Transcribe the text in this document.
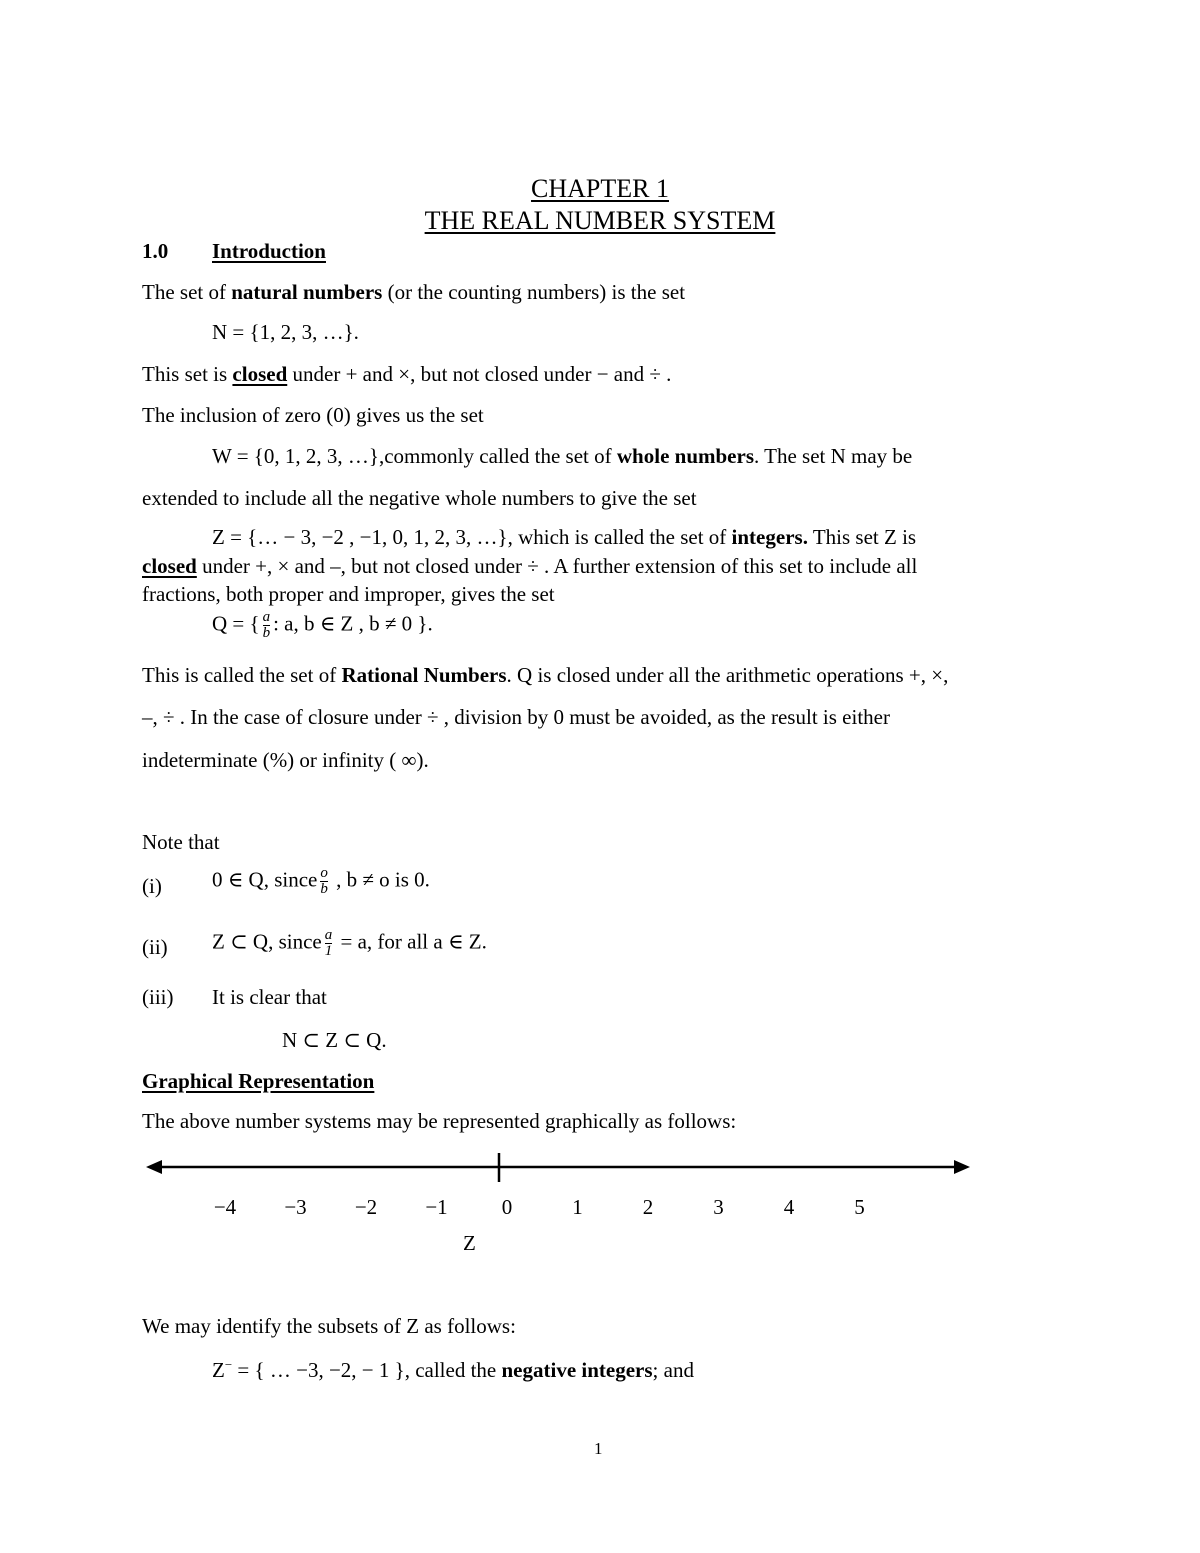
CHAPTER 1
THE REAL NUMBER SYSTEM
1.0 Introduction
The set of natural numbers (or the counting numbers) is the set
N = {1, 2, 3, …}.
This set is closed under + and ×, but not closed under − and ÷ .
The inclusion of zero (0) gives us the set
W = {0, 1, 2, 3, …},commonly called the set of whole numbers. The set N may be
extended to include all the negative whole numbers to give the set
Z = {… − 3, −2 , −1, 0, 1, 2, 3, …}, which is called the set of integers. This set Z is
closed under +, × and –, but not closed under ÷ . A further extension of this set to include all
fractions, both proper and improper, gives the set
Q = { $\frac{a}{b}$ : a, b ∈ Z , b ≠ 0 }.
This is called the set of Rational Numbers. Q is closed under all the arithmetic operations +, ×,
–, ÷ . In the case of closure under ÷ , division by 0 must be avoided, as the result is either
indeterminate (%) or infinity ( ∞).
Note that
(i) 0 ∈ Q, since $\frac{o}{b}$ , b ≠ o is 0.
(ii) Z ⊂ Q, since $\frac{a}{1} = a$, for all a ∈ Z.
(iii) It is clear that
N ⊂ Z ⊂ Q.
Graphical Representation
The above number systems may be represented graphically as follows:
−4	−3	−2	−1	0	1	2	3	4	5
Z
We may identify the subsets of Z as follows:
Z− = { … −3, −2, − 1 }, called the negative integers; and
1
